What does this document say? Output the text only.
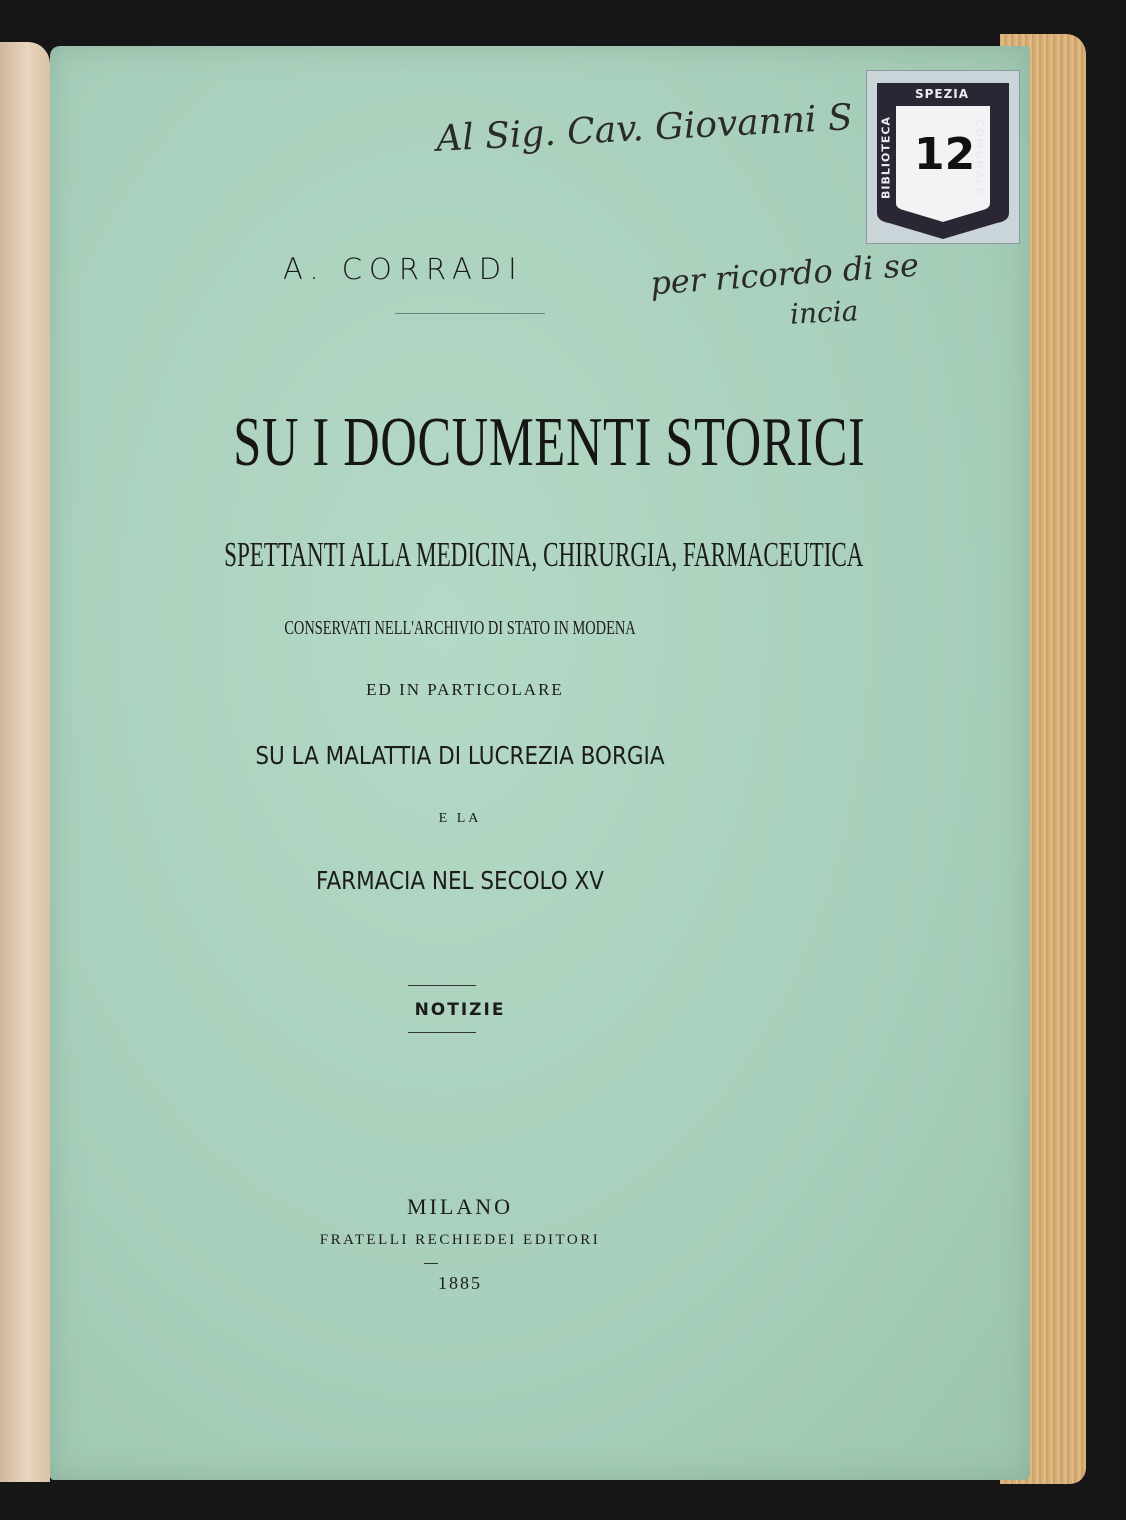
Al Sig. Cav. Giovanni S
per ricordo di se
incia
SPEZIA
BIBLIOTECA	COMUNALE
12
A. CORRADI
SU I DOCUMENTI STORICI
SPETTANTI ALLA MEDICINA, CHIRURGIA, FARMACEUTICA
CONSERVATI NELL'ARCHIVIO DI STATO IN MODENA
ED IN PARTICOLARE
SU LA MALATTIA DI LUCREZIA BORGIA
E LA
FARMACIA NEL SECOLO XV
NOTIZIE
MILANO
FRATELLI RECHIEDEI EDITORI
1885
